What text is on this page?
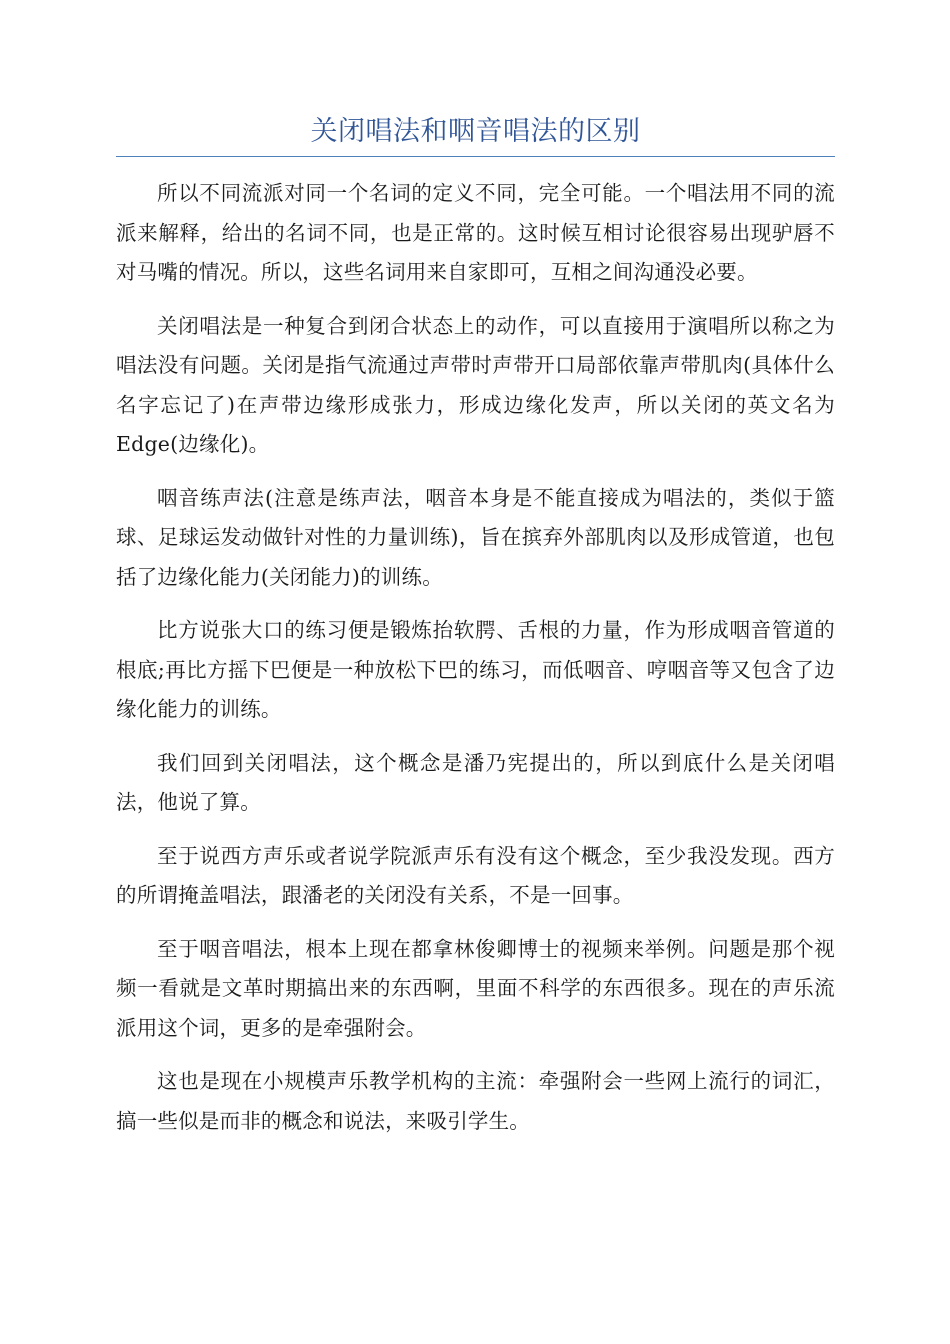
关闭唱法和咽音唱法的区别

所以不同流派对同一个名词的定义不同，完全可能。一个唱法用不同的流派来解释，给出的名词不同，也是正常的。这时候互相讨论很容易出现驴唇不对马嘴的情况。所以，这些名词用来自家即可，互相之间沟通没必要。

关闭唱法是一种复合到闭合状态上的动作，可以直接用于演唱所以称之为唱法没有问题。关闭是指气流通过声带时声带开口局部依靠声带肌肉(具体什么名字忘记了)在声带边缘形成张力，形成边缘化发声，所以关闭的英文名为Edge(边缘化)。

咽音练声法(注意是练声法，咽音本身是不能直接成为唱法的，类似于篮球、足球运发动做针对性的力量训练)，旨在摈弃外部肌肉以及形成管道，也包括了边缘化能力(关闭能力)的训练。

比方说张大口的练习便是锻炼抬软腭、舌根的力量，作为形成咽音管道的根底;再比方摇下巴便是一种放松下巴的练习，而低咽音、哼咽音等又包含了边缘化能力的训练。

我们回到关闭唱法，这个概念是潘乃宪提出的，所以到底什么是关闭唱法，他说了算。

至于说西方声乐或者说学院派声乐有没有这个概念，至少我没发现。西方的所谓掩盖唱法，跟潘老的关闭没有关系，不是一回事。

至于咽音唱法，根本上现在都拿林俊卿博士的视频来举例。问题是那个视频一看就是文革时期搞出来的东西啊，里面不科学的东西很多。现在的声乐流派用这个词，更多的是牵强附会。

这也是现在小规模声乐教学机构的主流：牵强附会一些网上流行的词汇，搞一些似是而非的概念和说法，来吸引学生。
